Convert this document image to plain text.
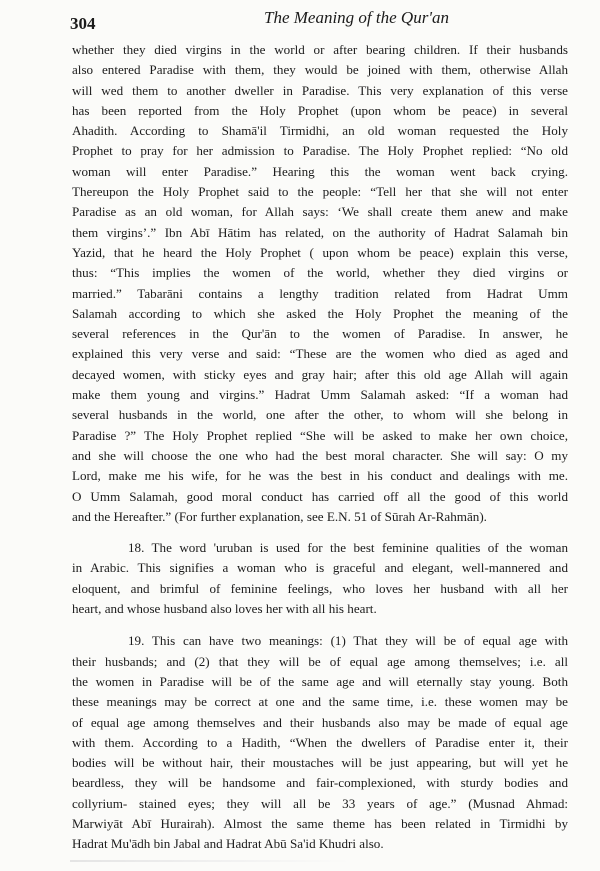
304	The Meaning of the Qur'an

whether they died virgins in the world or after bearing children. If their husbands
also entered Paradise with them, they would be joined with them, otherwise Allah
will wed them to another dweller in Paradise. This very explanation of this verse
has been reported from the Holy Prophet (upon whom be peace) in several
Ahadith. According to Shamā'il Tirmidhi, an old woman requested the Holy
Prophet to pray for her admission to Paradise. The Holy Prophet replied: “No old
woman will enter Paradise.” Hearing this the woman went back crying.
Thereupon the Holy Prophet said to the people: “Tell her that she will not enter
Paradise as an old woman, for Allah says: ‘We shall create them anew and make
them virgins’.” Ibn Abī Hātim has related, on the authority of Hadrat Salamah bin
Yazid, that he heard the Holy Prophet ( upon whom be peace) explain this verse,
thus: “This implies the women of the world, whether they died virgins or
married.” Tabarāni contains a lengthy tradition related from Hadrat Umm
Salamah according to which she asked the Holy Prophet the meaning of the
several references in the Qur'ān to the women of Paradise. In answer, he
explained this very verse and said: “These are the women who died as aged and
decayed women, with sticky eyes and gray hair; after this old age Allah will again
make them young and virgins.” Hadrat Umm Salamah asked: “If a woman had
several husbands in the world, one after the other, to whom will she belong in
Paradise ?” The Holy Prophet replied “She will be asked to make her own choice,
and she will choose the one who had the best moral character. She will say: O my
Lord, make me his wife, for he was the best in his conduct and dealings with me.
O Umm Salamah, good moral conduct has carried off all the good of this world
and the Hereafter.” (For further explanation, see E.N. 51 of Sūrah Ar-Rahmān).

18. The word 'uruban is used for the best feminine qualities of the woman
in Arabic. This signifies a woman who is graceful and elegant, well-mannered and
eloquent, and brimful of feminine feelings, who loves her husband with all her
heart, and whose husband also loves her with all his heart.

19. This can have two meanings: (1) That they will be of equal age with
their husbands; and (2) that they will be of equal age among themselves; i.e. all
the women in Paradise will be of the same age and will eternally stay young. Both
these meanings may be correct at one and the same time, i.e. these women may be
of equal age among themselves and their husbands also may be made of equal age
with them. According to a Hadith, “When the dwellers of Paradise enter it, their
bodies will be without hair, their moustaches will be just appearing, but will yet he
beardless, they will be handsome and fair-complexioned, with sturdy bodies and
collyrium- stained eyes; they will all be 33 years of age.” (Musnad Ahmad:
Marwiyāt Abī Hurairah). Almost the same theme has been related in Tirmidhi by
Hadrat Mu'ādh bin Jabal and Hadrat Abū Sa'id Khudri also.
